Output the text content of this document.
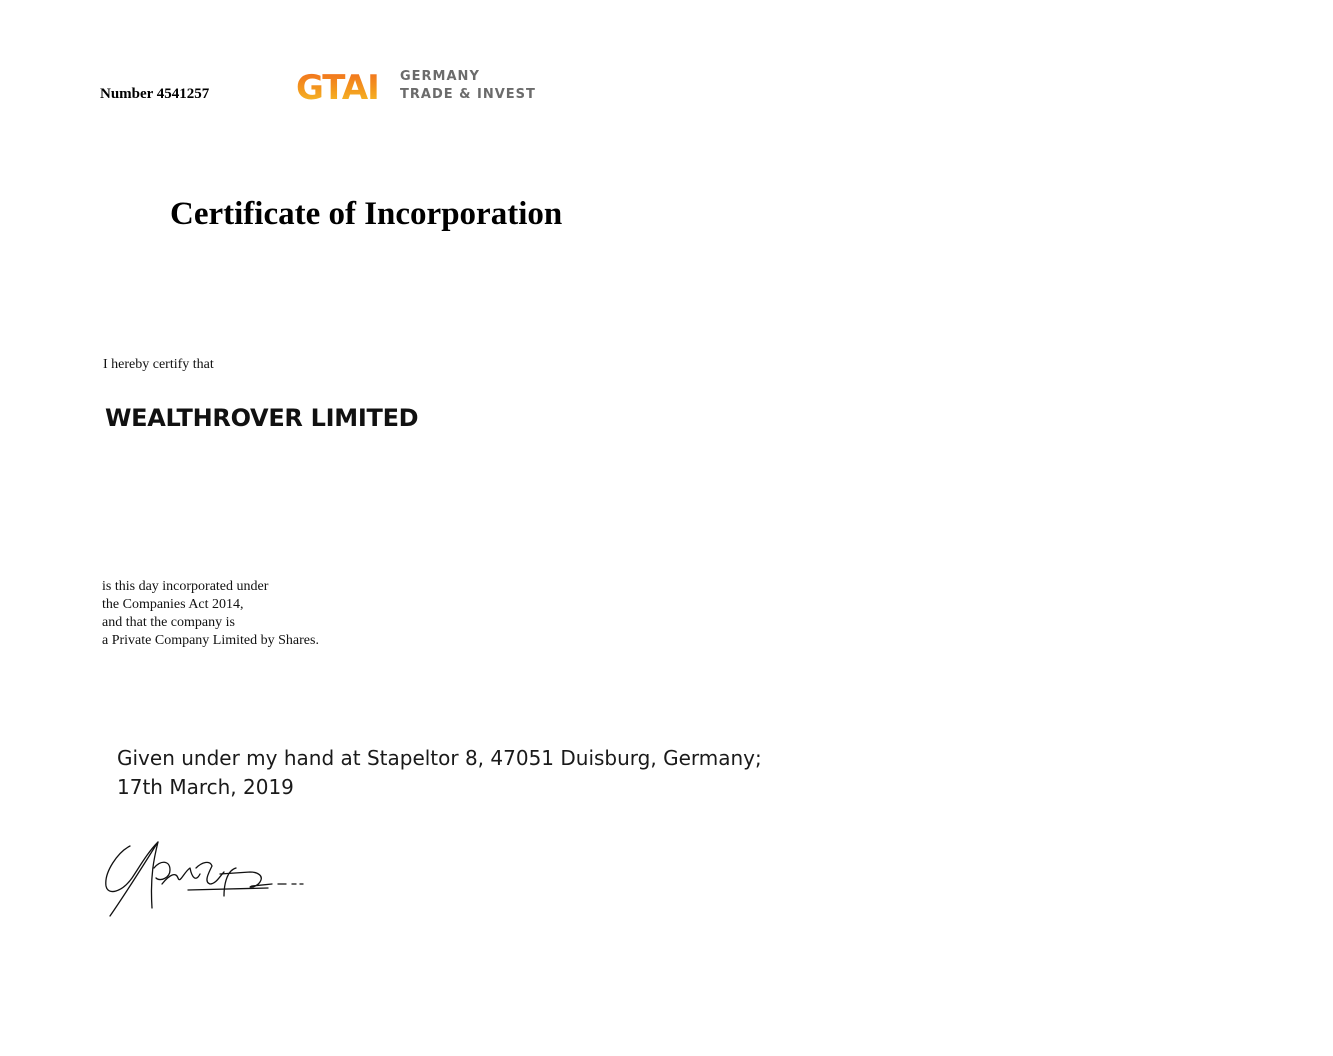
Number 4541257	GTAI GERMANY
TRADE & INVEST
Certificate of Incorporation
I hereby certify that
WEALTHROVER LIMITED
is this day incorporated under
the Companies Act 2014,
and that the company is
a Private Company Limited by Shares.
Given under my hand at Stapeltor 8, 47051 Duisburg, Germany; 17th March, 2019
